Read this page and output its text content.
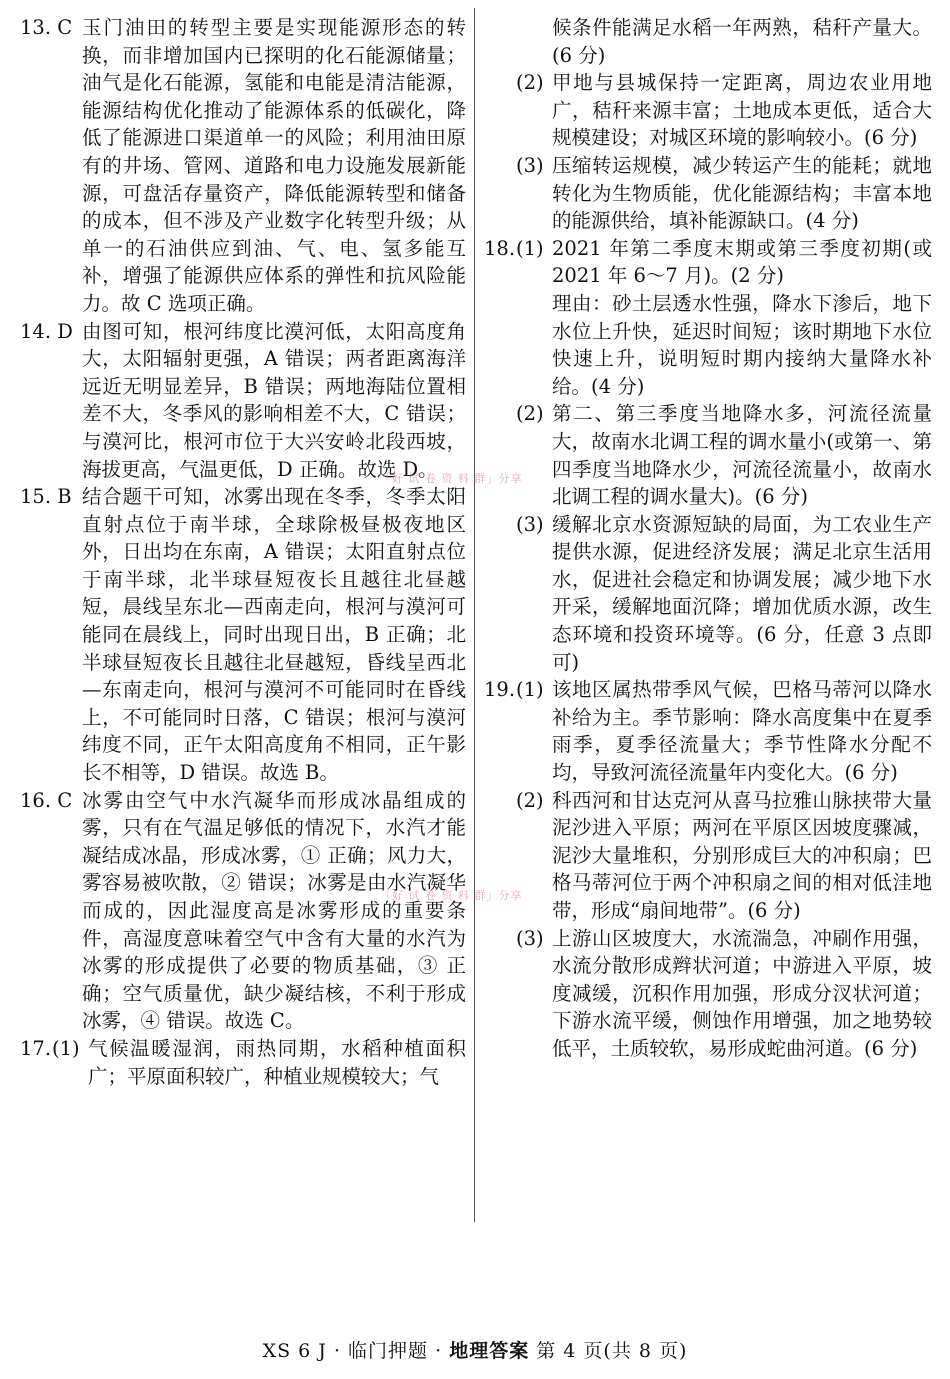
13. C 玉门油田的转型主要是实现能源形态的转换，而非增加国内已探明的化石能源储量；油气是化石能源，氢能和电能是清洁能源，能源结构优化推动了能源体系的低碳化，降低了能源进口渠道单一的风险；利用油田原有的井场、管网、道路和电力设施发展新能源，可盘活存量资产，降低能源转型和储备的成本，但不涉及产业数字化转型升级；从单一的石油供应到油、气、电、氢多能互补，增强了能源供应体系的弹性和抗风险能力。故 C 选项正确。

14. D 由图可知，根河纬度比漠河低，太阳高度角大，太阳辐射更强，A 错误；两者距离海洋远近无明显差异，B 错误；两地海陆位置相差不大，冬季风的影响相差不大，C 错误；与漠河比，根河市位于大兴安岭北段西坡，海拔更高，气温更低，D 正确。故选 D。

15. B 结合题干可知，冰雾出现在冬季，冬季太阳直射点位于南半球，全球除极昼极夜地区外，日出均在东南，A 错误；太阳直射点位于南半球，北半球昼短夜长且越往北昼越短，晨线呈东北—西南走向，根河与漠河可能同在晨线上，同时出现日出，B 正确；北半球昼短夜长且越往北昼越短，昏线呈西北—东南走向，根河与漠河不可能同时在昏线上，不可能同时日落，C 错误；根河与漠河纬度不同，正午太阳高度角不相同，正午影长不相等，D 错误。故选 B。

16. C 冰雾由空气中水汽凝华而形成冰晶组成的雾，只有在气温足够低的情况下，水汽才能凝结成冰晶，形成冰雾，① 正确；风力大，雾容易被吹散，② 错误；冰雾是由水汽凝华而成的，因此湿度高是冰雾形成的重要条件，高湿度意味着空气中含有大量的水汽为冰雾的形成提供了必要的物质基础，③ 正确；空气质量优，缺少凝结核，不利于形成冰雾，④ 错误。故选 C。

17. (1) 气候温暖湿润，雨热同期，水稻种植面积广；平原面积较广，种植业规模较大；气

候条件能满足水稻一年两熟，秸秆产量大。(6 分)

(2) 甲地与县城保持一定距离，周边农业用地广，秸秆来源丰富；土地成本更低，适合大规模建设；对城区环境的影响较小。(6 分)

(3) 压缩转运规模，减少转运产生的能耗；就地转化为生物质能，优化能源结构；丰富本地的能源供给，填补能源缺口。(4 分)

18. (1) 2021 年第二季度末期或第三季度初期(或 2021 年 6～7 月)。(2 分)

理由：砂土层透水性强，降水下渗后，地下水位上升快，延迟时间短；该时期地下水位快速上升，说明短时期内接纳大量降水补给。(4 分)

(2) 第二、第三季度当地降水多，河流径流量大，故南水北调工程的调水量小(或第一、第四季度当地降水少，河流径流量小，故南水北调工程的调水量大)。(6 分)

(3) 缓解北京水资源短缺的局面，为工农业生产提供水源，促进经济发展；满足北京生活用水，促进社会稳定和协调发展；减少地下水开采，缓解地面沉降；增加优质水源，改生态环境和投资环境等。(6 分，任意 3 点即可)

19. (1) 该地区属热带季风气候，巴格马蒂河以降水补给为主。季节影响：降水高度集中在夏季雨季，夏季径流量大；季节性降水分配不均，导致河流径流量年内变化大。(6 分)

(2) 科西河和甘达克河从喜马拉雅山脉挟带大量泥沙进入平原；两河在平原区因坡度骤减，泥沙大量堆积，分别形成巨大的冲积扇；巴格马蒂河位于两个冲积扇之间的相对低洼地带，形成“扇间地带”。(6 分)

(3) 上游山区坡度大，水流湍急，冲刷作用强，水流分散形成辫状河道；中游进入平原，坡度减缓，沉积作用加强，形成分汊状河道；下游水流平缓，侧蚀作用增强，加之地势较低平，土质较软，易形成蛇曲河道。(6 分)

「好 试 卷 资 料 群」分享
「好 试 卷 资 料 群」分享
XS 6 J · 临门押题 · 地理答案 第 4 页(共 8 页)
